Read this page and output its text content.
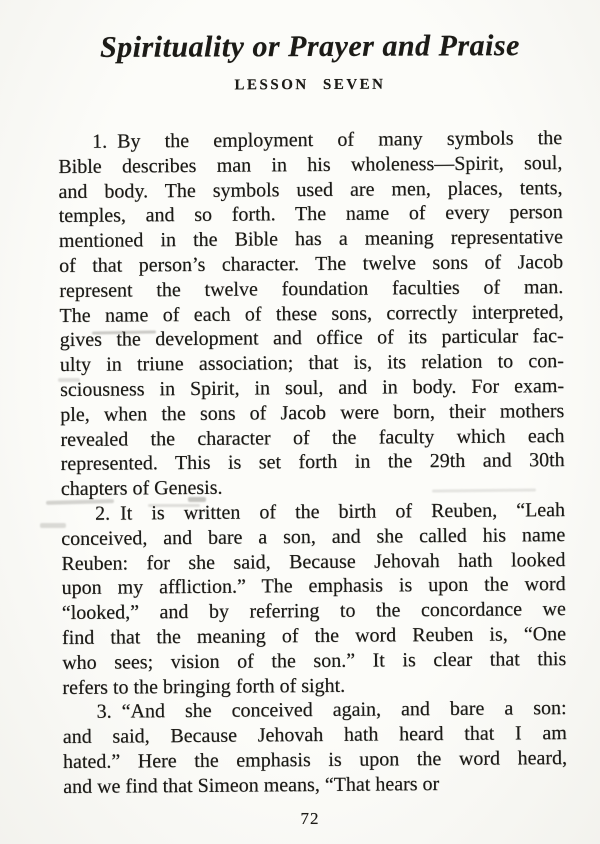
Spirituality or Prayer and Praise
LESSON SEVEN
1. By the employment of many symbols the
Bible describes man in his wholeness—Spirit, soul,
and body. The symbols used are men, places, tents,
temples, and so forth. The name of every person
mentioned in the Bible has a meaning representative
of that person’s character. The twelve sons of Jacob
represent the twelve foundation faculties of man.
The name of each of these sons, correctly interpreted,
gives the development and office of its particular fac-
ulty in triune association; that is, its relation to con-
sciousness in Spirit, in soul, and in body. For exam-
ple, when the sons of Jacob were born, their mothers
revealed the character of the faculty which each
represented. This is set forth in the 29th and 30th
chapters of Genesis.
2. It is written of the birth of Reuben, “Leah
conceived, and bare a son, and she called his name
Reuben: for she said, Because Jehovah hath looked
upon my affliction.” The emphasis is upon the word
“looked,” and by referring to the concordance we
find that the meaning of the word Reuben is, “One
who sees; vision of the son.” It is clear that this
refers to the bringing forth of sight.
3. “And she conceived again, and bare a son:
and said, Because Jehovah hath heard that I am
hated.” Here the emphasis is upon the word heard,
and we find that Simeon means, “That hears or
72
